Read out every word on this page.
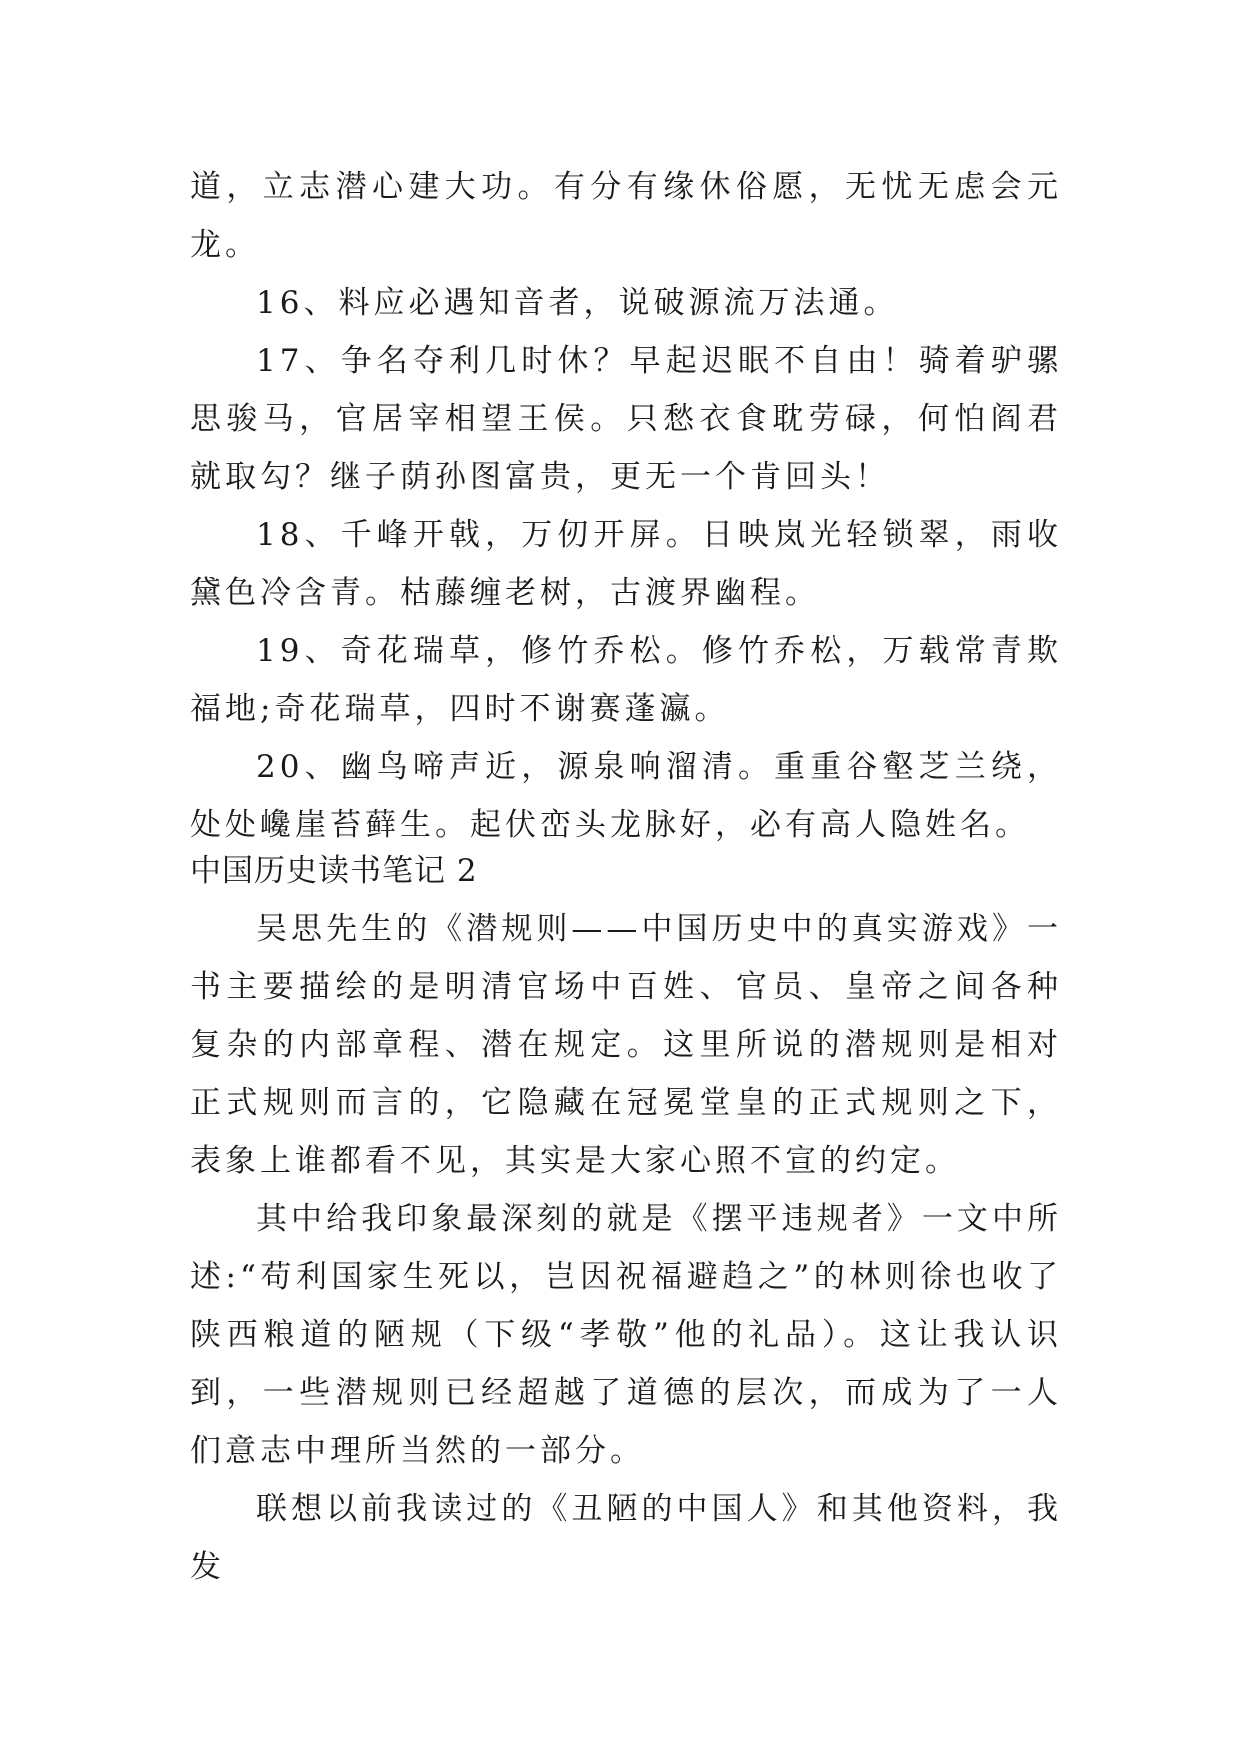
道，立志潜心建大功。有分有缘休俗愿，无忧无虑会元龙。

16、料应必遇知音者，说破源流万法通。

17、争名夺利几时休？早起迟眠不自由！骑着驴骡思骏马，官居宰相望王侯。只愁衣食耽劳碌，何怕阎君就取勾？继子荫孙图富贵，更无一个肯回头！

18、千峰开戟，万仞开屏。日映岚光轻锁翠，雨收黛色冷含青。枯藤缠老树，古渡界幽程。

19、奇花瑞草，修竹乔松。修竹乔松，万载常青欺福地;奇花瑞草，四时不谢赛蓬瀛。

20、幽鸟啼声近，源泉响溜清。重重谷壑芝兰绕，处处巉崖苔藓生。起伏峦头龙脉好，必有高人隐姓名。

中国历史读书笔记 2

吴思先生的《潜规则——中国历史中的真实游戏》一书主要描绘的是明清官场中百姓、官员、皇帝之间各种复杂的内部章程、潜在规定。这里所说的潜规则是相对正式规则而言的，它隐藏在冠冕堂皇的正式规则之下，表象上谁都看不见，其实是大家心照不宣的约定。

其中给我印象最深刻的就是《摆平违规者》一文中所述:“苟利国家生死以，岂因祝福避趋之”的林则徐也收了陕西粮道的陋规（下级“孝敬”他的礼品）。这让我认识到，一些潜规则已经超越了道德的层次，而成为了一人们意志中理所当然的一部分。

联想以前我读过的《丑陋的中国人》和其他资料，我发
